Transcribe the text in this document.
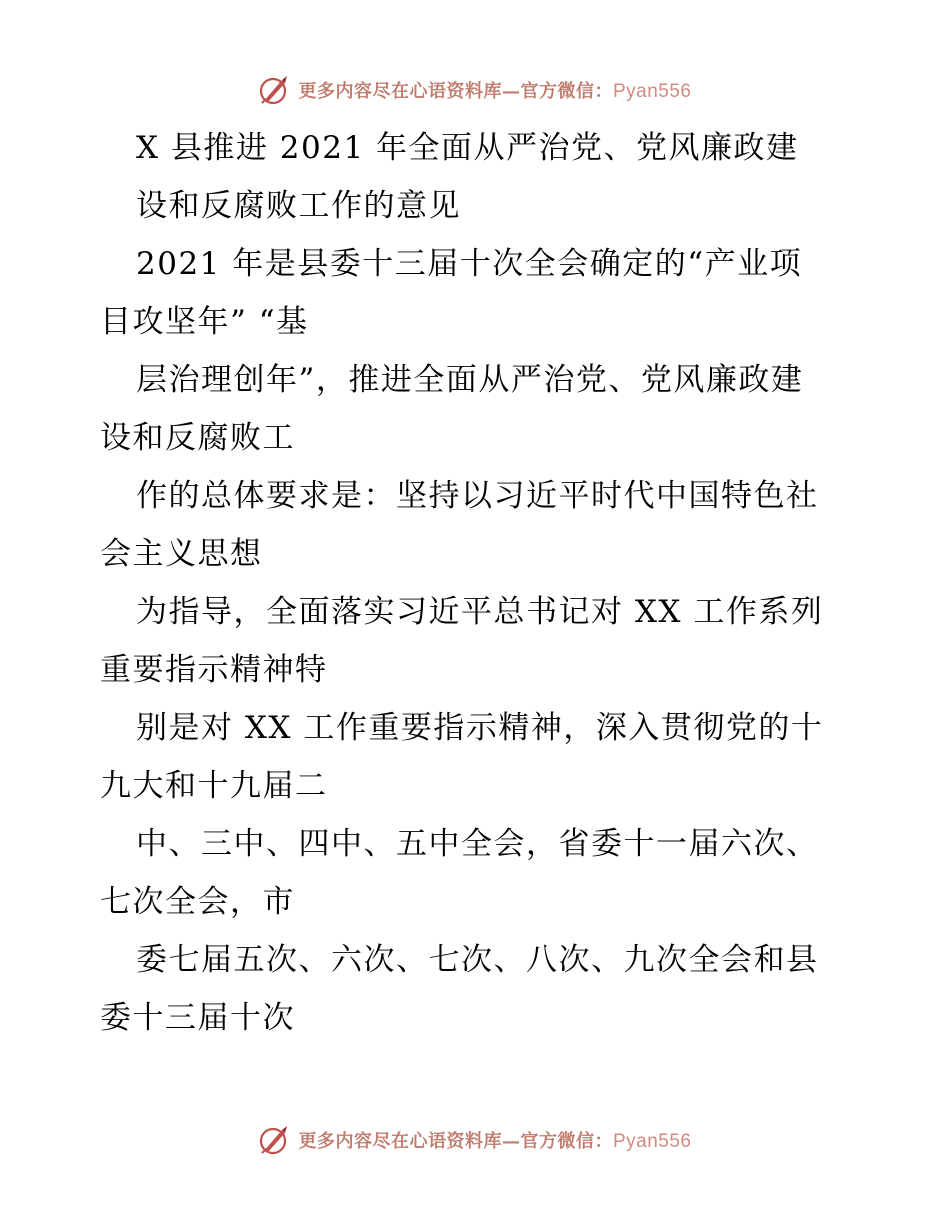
更多内容尽在心语资料库—官方微信：Pyan556
X 县推进 2021 年全面从严治党、党风廉政建
设和反腐败工作的意见
2021 年是县委十三届十次全会确定的“产业项
目攻坚年” “基
层治理创年”，推进全面从严治党、党风廉政建
设和反腐败工
作的总体要求是：坚持以习近平时代中国特色社
会主义思想
为指导，全面落实习近平总书记对 XX 工作系列
重要指示精神特
别是对 XX 工作重要指示精神，深入贯彻党的十
九大和十九届二
中、三中、四中、五中全会，省委十一届六次、
七次全会，市
委七届五次、六次、七次、八次、九次全会和县
委十三届十次
更多内容尽在心语资料库—官方微信：Pyan556
